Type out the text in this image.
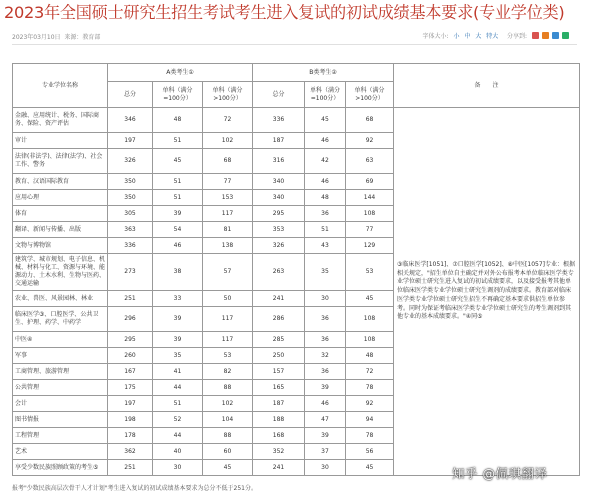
2023年全国硕士研究生招生考试考生进入复试的初试成绩基本要求(专业学位类)
2023年03月10日 来源：教育部	字体大小: 小 中 大 特大 分享到:
专业学位名称	A类考生①			B类考生②			备　　注
	总分	单科（满分=100分）	单科（满分>100分）	总分	单科（满分=100分）	单科（满分>100分）	
金融、应用统计、税务、国际商务、保险、资产评估	346	48	72	336	45	68	③临床医学[1051]、⑦口腔医学[1052]、⑧中医[1057]专业：根据相关规定，"招生单位自主确定并对外公布报考本单位临床医学类专业学位硕士研究生进入复试的初试成绩要求，以及接受报考其他单位临床医学类专业学位硕士研究生调剂的成绩要求。教育部对临床医学类专业学位硕士研究生招生不再确定基本要求供招生单位参考。同时为保证考临床医学类专业学位硕士研究生的考生调剂到其他专业的基本成绩要求。"④同⑤
审计	197	51	102	187	46	92	
法律(非法学)、法律(法学)、社会工作、警务	326	45	68	316	42	63	
教育、汉语国际教育	350	51	77	340	46	69	
应用心理	350	51	153	340	48	144	
体育	305	39	117	295	36	108	
翻译、新闻与传播、出版	363	54	81	353	51	77	
文物与博物馆	336	46	138	326	43	129	
建筑学、城市规划、电子信息、机械、材料与化工、资源与环境、能源动力、土木水利、生物与医药、交通运输	273	38	57	263	35	53	
农业、兽医、风景园林、林业	251	33	50	241	30	45	
临床医学③、口腔医学、公共卫生、护理、药学、中药学	296	39	117	286	36	108	
中医④	295	39	117	285	36	108	
军事	260	35	53	250	32	48	
工商管理、旅游管理	167	41	82	157	36	72	
公共管理	175	44	88	165	39	78	
会计	197	51	102	187	46	92	
图书情报	198	52	104	188	47	94	
工程管理	178	44	88	168	39	78	
艺术	362	40	60	352	37	56	
享受少数民族照顾政策的考生⑤	251	30	45	241	30	45	
报考"少数民族高层次骨干人才计划"考生进入复试的初试成绩基本要求为总分不低于251分。
知乎 @佩琪翻译
